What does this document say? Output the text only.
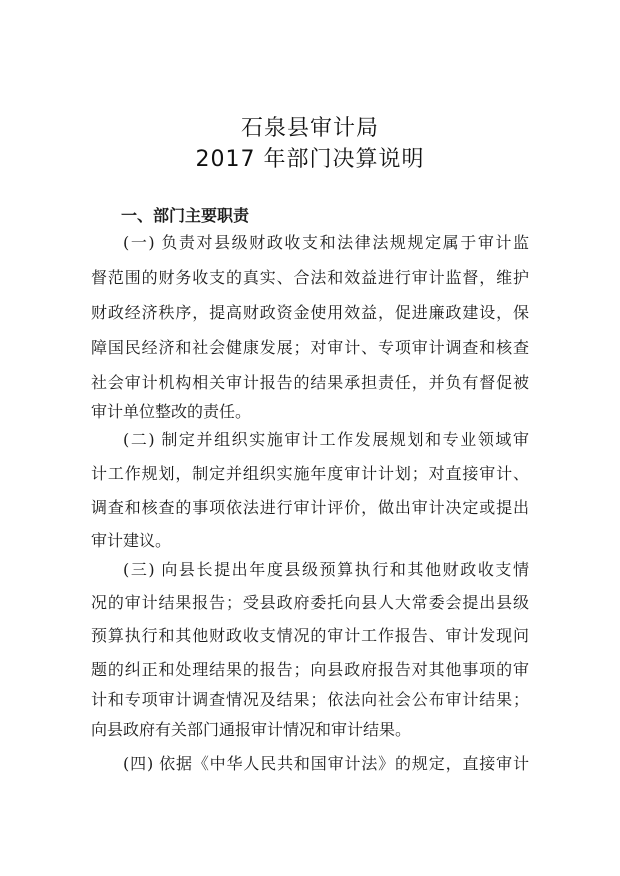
石泉县审计局
2017 年部门决算说明
一、部门主要职责
(一) 负责对县级财政收支和法律法规规定属于审计监
督范围的财务收支的真实、合法和效益进行审计监督，维护
财政经济秩序，提高财政资金使用效益，促进廉政建设，保
障国民经济和社会健康发展；对审计、专项审计调查和核查
社会审计机构相关审计报告的结果承担责任，并负有督促被
审计单位整改的责任。
(二) 制定并组织实施审计工作发展规划和专业领域审
计工作规划，制定并组织实施年度审计计划；对直接审计、
调查和核查的事项依法进行审计评价，做出审计决定或提出
审计建议。
(三) 向县长提出年度县级预算执行和其他财政收支情
况的审计结果报告；受县政府委托向县人大常委会提出县级
预算执行和其他财政收支情况的审计工作报告、审计发现问
题的纠正和处理结果的报告；向县政府报告对其他事项的审
计和专项审计调查情况及结果；依法向社会公布审计结果；
向县政府有关部门通报审计情况和审计结果。
(四) 依据《中华人民共和国审计法》的规定，直接审计
